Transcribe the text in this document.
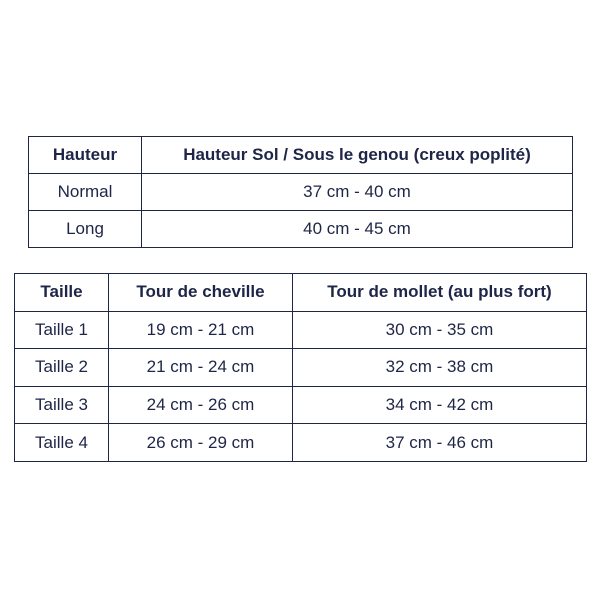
Hauteur	Hauteur Sol / Sous le genou (creux poplité)
Normal	37 cm - 40 cm
Long	40 cm - 45 cm
Taille	Tour de cheville	Tour de mollet (au plus fort)
Taille 1	19 cm - 21 cm	30 cm - 35 cm
Taille 2	21 cm - 24 cm	32 cm - 38 cm
Taille 3	24 cm - 26 cm	34 cm - 42 cm
Taille 4	26 cm - 29 cm	37 cm - 46 cm
